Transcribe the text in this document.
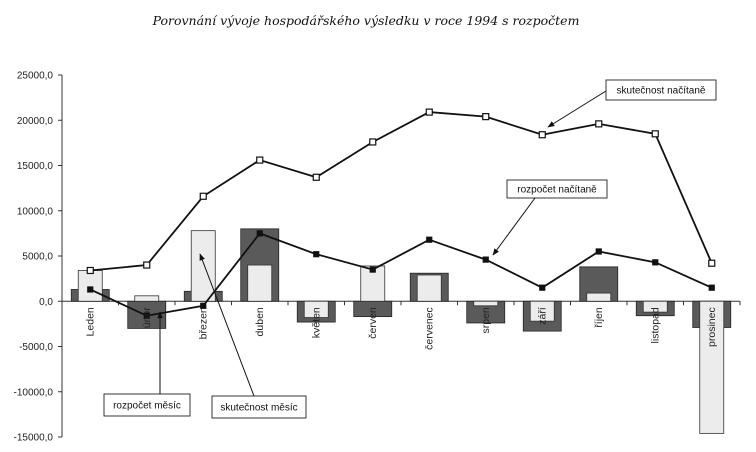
Porovnání vývoje hospodářského výsledku v roce 1994 s rozpočtem
25000,0
20000,0
15000,0
10000,0
5000,0
0,0
-5000,0
-10000,0
-15000,0
Leden	únor	březen	duben	květen	červen	červenec	srpen	září	říjen	listopad	prosinec
skutečnost načítaně
rozpočet načítaně
rozpočet měsíc	skutečnost měsíc
